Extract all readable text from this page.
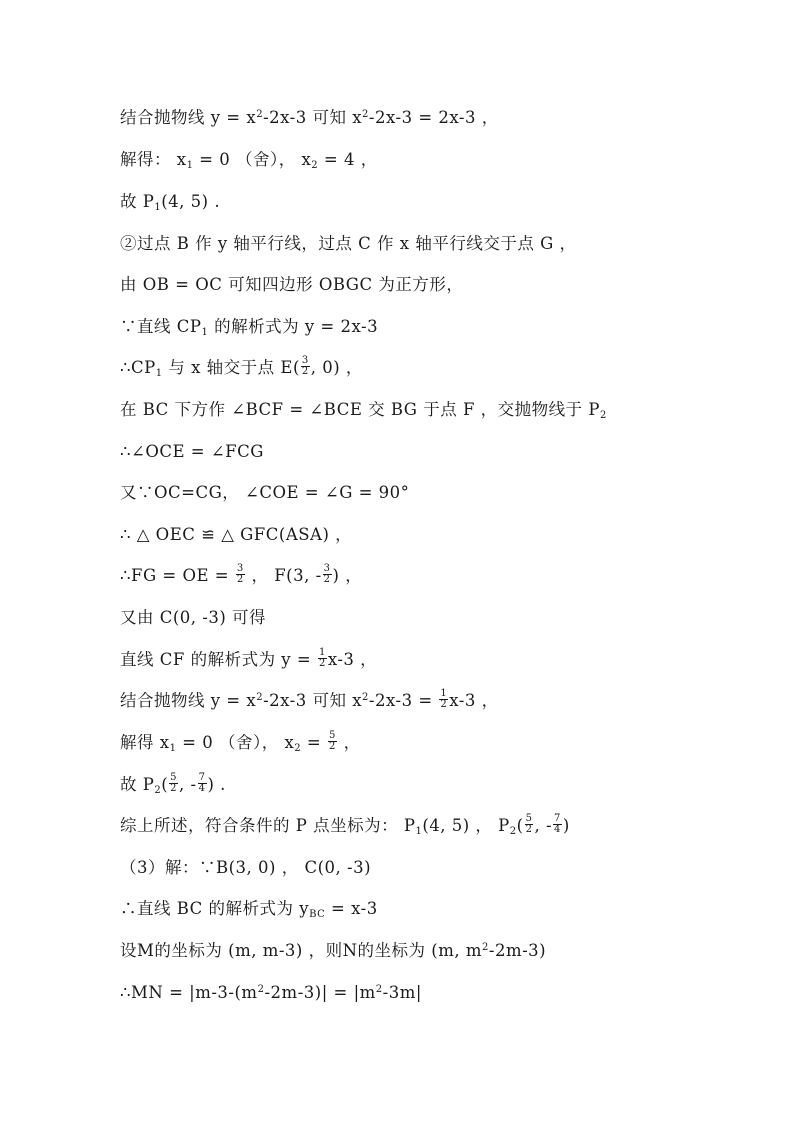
结合抛物线 $y = x^2-2x-3$ 可知 $x^2-2x-3 = 2x-3$ ，
解得： $x_1 = 0$ （舍）， $x_2 = 4$ ，
故 $P_1(4$, 5) .
②过点 B 作 y 轴平行线，过点 C 作 x 轴平行线交于点 G ，
由 OB = OC 可知四边形 OBGC 为正方形，
∵直线 $CP_1$ 的解析式为 y = 2x-3
$\therefore CP_1$ 与 x 轴交于点 $E( \frac{3}{2}$ , 0) ，
在 BC 下方作 ∠BCF = ∠BCE 交 BG 于点 F ，交抛物线于 $P_2$
∴∠OCE = ∠FCG
又∵OC=CG， ∠COE = ∠G = 90°
∴ △ OEC ≌ △ GFC(ASA) ，
∴FG = OE = $\frac{3}{2}$ ， F(3, - $\frac{3}{2}$ ) ，
又由 C(0, -3) 可得
直线 CF 的解析式为 $y = \frac{1}{2} x-3$ ，
结合抛物线 $y = x^2-2x-3$ 可知 $x^2-2x-3 = \frac{1}{2} x-3$ ，
解得 $x_1 = 0$ （舍）， $x_2 = \frac{5}{2}$ ，
故 $P_2( \frac{5}{2}$ , - $\frac{7}{4}$ ) .
综上所述，符合条件的 P 点坐标为： $P_1(4$, 5) ， $P_2( \frac{5}{2}$ , - $\frac{7}{4}$ )
（3）解：∵B(3, 0) ， C(0, -3)
∴直线 BC 的解析式为 $y_{BC} = x-3$
设M的坐标为 (m, m-3) ，则N的坐标为 (m, $m^2-2m-3$)
∴MN = $|m-3-(m^2-2m-3)| = |m^2-3m|$
